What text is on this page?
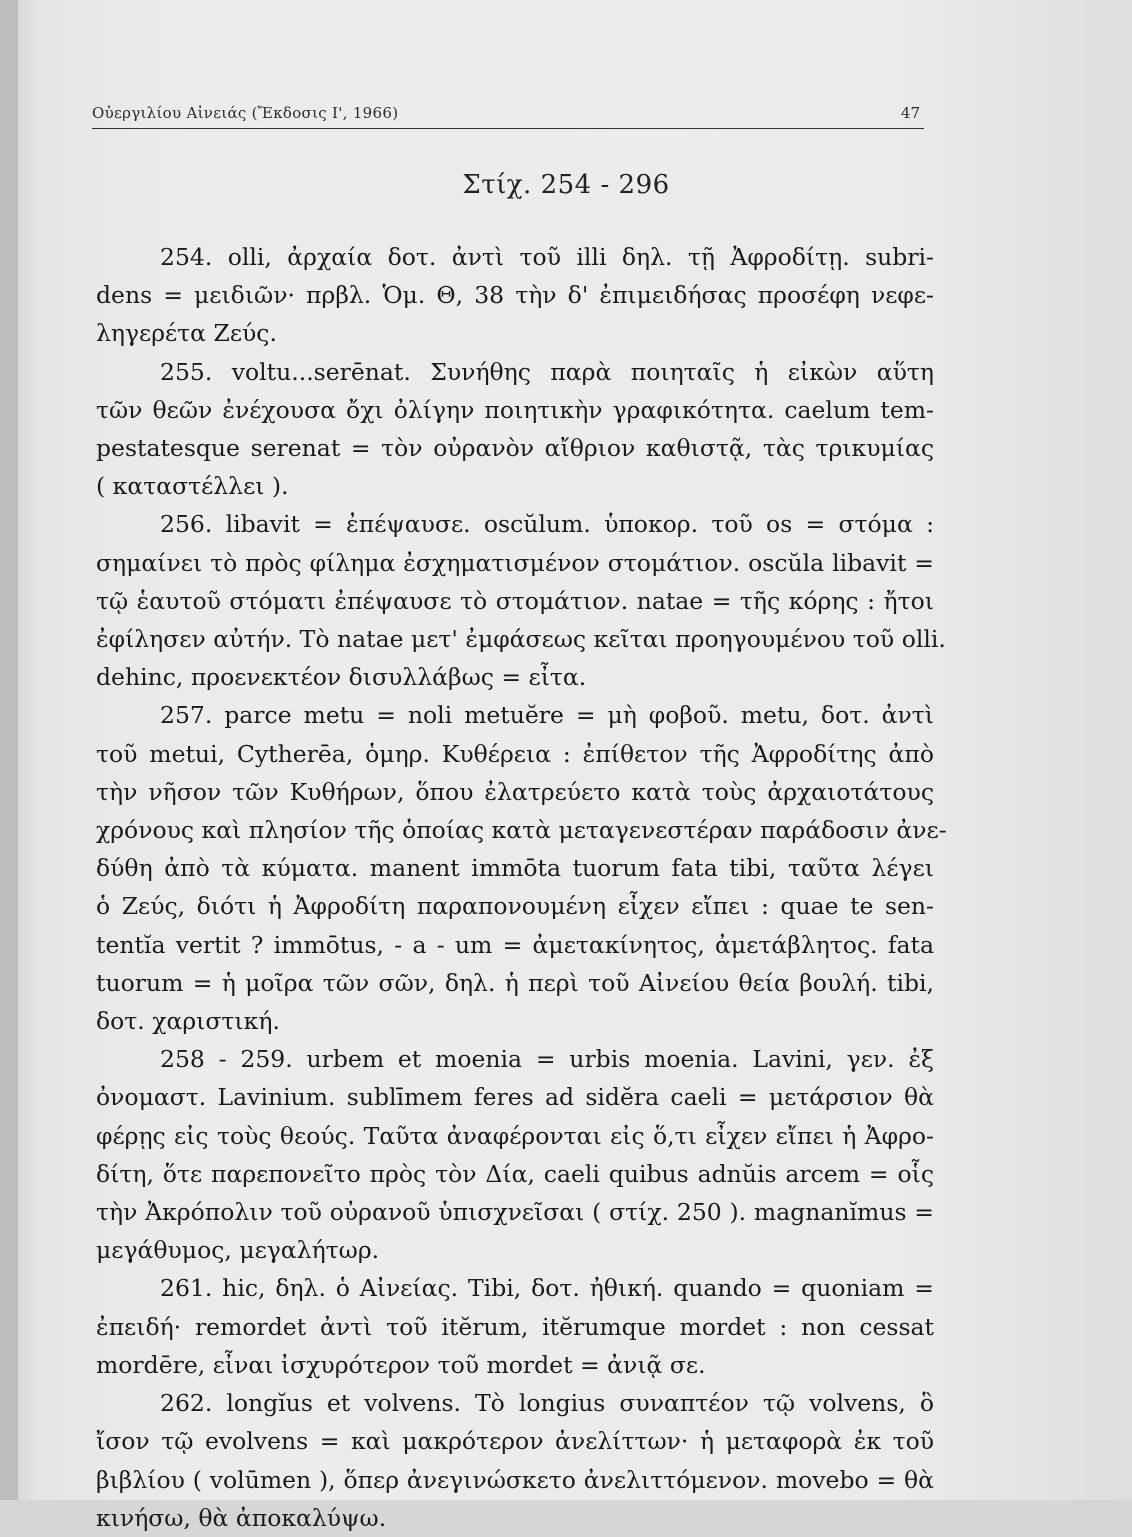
Οὐεργιλίου Αἰνειάς (Ἔκδοσις Ι', 1966)	47
Στίχ. 254 - 296
254. olli, ἀρχαία δοτ. ἀντὶ τοῦ illi δηλ. τῇ Ἀφροδίτῃ. subri-
dens = μειδιῶν· πρβλ. Ὁμ. Θ, 38 τὴν δ' ἐπιμειδήσας προσέφη νεφε-
ληγερέτα Ζεύς.
255. voltu...serēnat. Συνήθης παρὰ ποιηταῖς ἡ εἰκὼν αὕτη
τῶν θεῶν ἐνέχουσα ὄχι ὀλίγην ποιητικὴν γραφικότητα. caelum tem-
pestatesque serenat = τὸν οὐρανὸν αἴθριον καθιστᾷ, τὰς τρικυμίας
( καταστέλλει ).
256. libavit = ἐπέψαυσε. oscŭlum. ὑποκορ. τοῦ os = στόμα :
σημαίνει τὸ πρὸς φίλημα ἐσχηματισμένον στομάτιον. oscŭla libavit =
τῷ ἑαυτοῦ στόματι ἐπέψαυσε τὸ στομάτιον. natae = τῆς κόρης : ἤτοι
ἐφίλησεν αὐτήν. Τὸ natae μετ' ἐμφάσεως κεῖται προηγουμένου τοῦ olli.
dehinc, προενεκτέον δισυλλάβως = εἶτα.
257. parce metu = noli metuĕre = μὴ φοβοῦ. metu, δοτ. ἀντὶ
τοῦ metui, Cytherēa, ὁμηρ. Κυθέρεια : ἐπίθετον τῆς Ἀφροδίτης ἀπὸ
τὴν νῆσον τῶν Κυθήρων, ὅπου ἐλατρεύετο κατὰ τοὺς ἀρχαιοτάτους
χρόνους καὶ πλησίον τῆς ὁποίας κατὰ μεταγενεστέραν παράδοσιν ἀνε-
δύθη ἀπὸ τὰ κύματα. manent immōta tuorum fata tibi, ταῦτα λέγει
ὁ Ζεύς, διότι ἡ Ἀφροδίτη παραπονουμένη εἶχεν εἴπει : quae te sen-
tentĭa vertit ? immōtus, - a - um = ἀμετακίνητος, ἀμετάβλητος. fata
tuorum = ἡ μοῖρα τῶν σῶν, δηλ. ἡ περὶ τοῦ Αἰνείου θεία βουλή. tibi,
δοτ. χαριστική.
258 - 259. urbem et moenia = urbis moenia. Lavini, γεν. ἐξ
ὀνομαστ. Lavinium. sublīmem feres ad sidĕra caeli = μετάρσιον θὰ
φέρῃς εἰς τοὺς θεούς. Ταῦτα ἀναφέρονται εἰς ὅ,τι εἶχεν εἴπει ἡ Ἀφρο-
δίτη, ὅτε παρεπονεῖτο πρὸς τὸν Δία, caeli quibus adnŭis arcem = οἷς
τὴν Ἀκρόπολιν τοῦ οὐρανοῦ ὑπισχνεῖσαι ( στίχ. 250 ). magnanĭmus =
μεγάθυμος, μεγαλήτωρ.
261. hic, δηλ. ὁ Αἰνείας. Tibi, δοτ. ἠθική. quando = quoniam =
ἐπειδή· remordet ἀντὶ τοῦ itĕrum, itĕrumque mordet : non cessat
mordēre, εἶναι ἰσχυρότερον τοῦ mordet = ἀνιᾷ σε.
262. longĭus et volvens. Τὸ longius συναπτέον τῷ volvens, ὃ
ἴσον τῷ evolvens = καὶ μακρότερον ἀνελίττων· ἡ μεταφορὰ ἐκ τοῦ
βιβλίου ( volūmen ), ὅπερ ἀνεγινώσκετο ἀνελιττόμενον. movebo = θὰ
κινήσω, θὰ ἀποκαλύψω.
